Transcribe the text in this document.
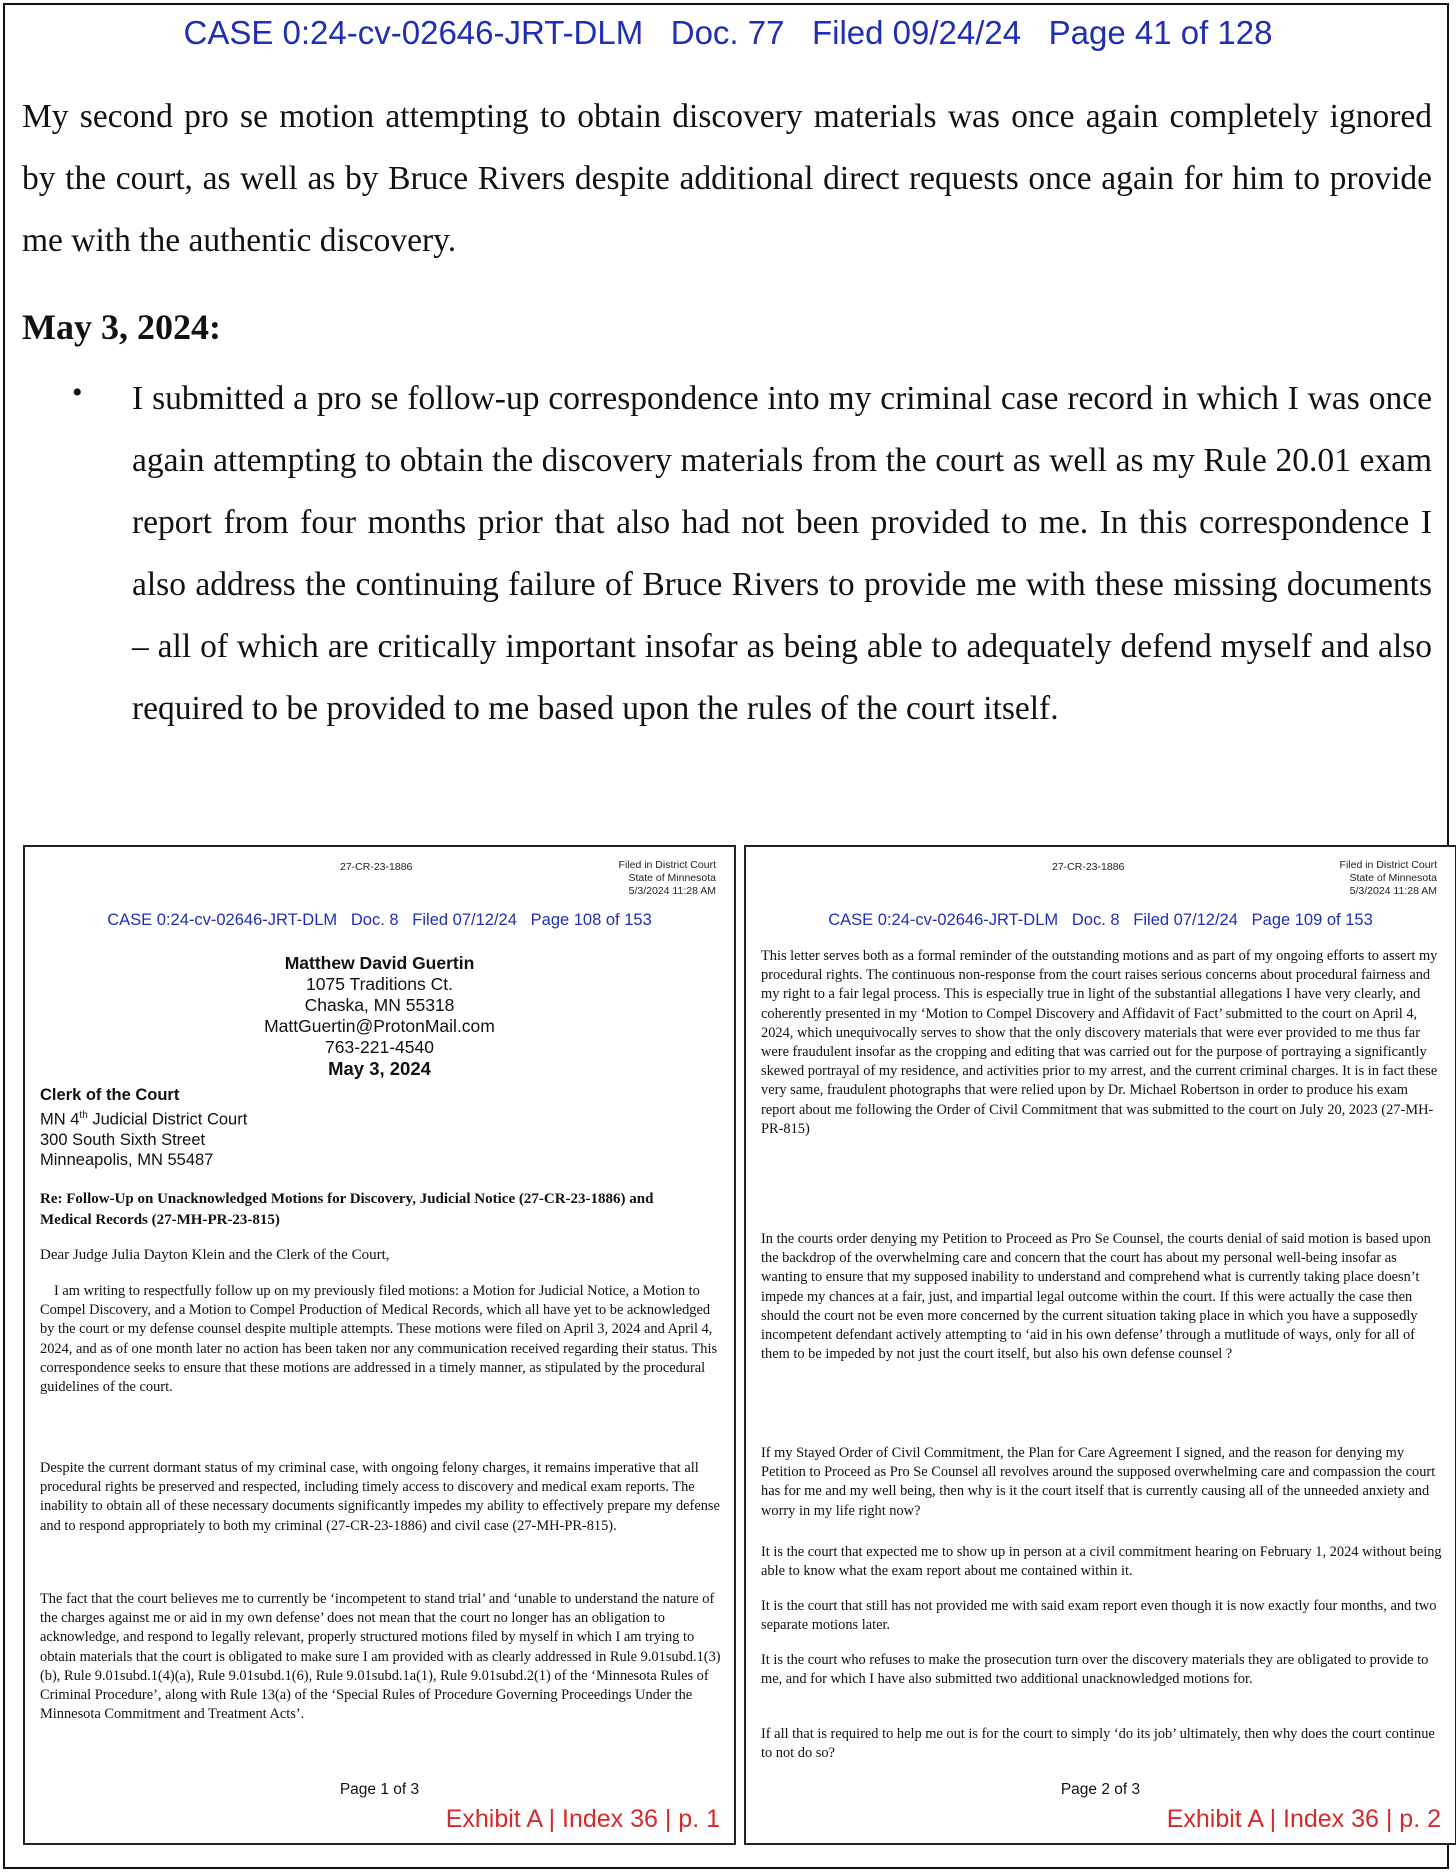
CASE 0:24-cv-02646-JRT-DLM   Doc. 77   Filed 09/24/24   Page 41 of 128
My second pro se motion attempting to obtain discovery materials was once again completely ignored by the court, as well as by Bruce Rivers despite additional direct requests once again for him to provide me with the authentic discovery.
May 3, 2024:
• I submitted a pro se follow-up correspondence into my criminal case record in which I was once again attempting to obtain the discovery materials from the court as well as my Rule 20.01 exam report from four months prior that also had not been provided to me. In this correspondence I also address the continuing failure of Bruce Rivers to provide me with these missing documents – all of which are critically important insofar as being able to adequately defend myself and also required to be provided to me based upon the rules of the court itself.
27-CR-23-1886	Filed in District Court
State of Minnesota
5/3/2024 11:28 AM
CASE 0:24-cv-02646-JRT-DLM   Doc. 8   Filed 07/12/24   Page 108 of 153
Matthew David Guertin
1075 Traditions Ct.
Chaska, MN 55318
MattGuertin@ProtonMail.com
763-221-4540
May 3, 2024
Clerk of the Court
MN 4th Judicial District Court
300 South Sixth Street
Minneapolis, MN 55487
Re: Follow-Up on Unacknowledged Motions for Discovery, Judicial Notice (27-CR-23-1886) and Medical Records (27-MH-PR-23-815)
Dear Judge Julia Dayton Klein and the Clerk of the Court,
I am writing to respectfully follow up on my previously filed motions: a Motion for Judicial Notice, a Motion to Compel Discovery, and a Motion to Compel Production of Medical Records, which all have yet to be acknowledged by the court or my defense counsel despite multiple attempts. These motions were filed on April 3, 2024 and April 4, 2024, and as of one month later no action has been taken nor any communication received regarding their status. This correspondence seeks to ensure that these motions are addressed in a timely manner, as stipulated by the procedural guidelines of the court.
Despite the current dormant status of my criminal case, with ongoing felony charges, it remains imperative that all procedural rights be preserved and respected, including timely access to discovery and medical exam reports. The inability to obtain all of these necessary documents significantly impedes my ability to effectively prepare my defense and to respond appropriately to both my criminal (27-CR-23-1886) and civil case (27-MH-PR-815).
The fact that the court believes me to currently be ‘incompetent to stand trial’ and ‘unable to understand the nature of the charges against me or aid in my own defense’ does not mean that the court no longer has an obligation to acknowledge, and respond to legally relevant, properly structured motions filed by myself in which I am trying to obtain materials that the court is obligated to make sure I am provided with as clearly addressed in Rule 9.01subd.1(3)(b), Rule 9.01subd.1(4)(a), Rule 9.01subd.1(6), Rule 9.01subd.1a(1), Rule 9.01subd.2(1) of the ‘Minnesota Rules of Criminal Procedure’, along with Rule 13(a) of the ‘Special Rules of Procedure Governing Proceedings Under the Minnesota Commitment and Treatment Acts’.
Page 1 of 3
Exhibit A | Index 36 | p. 1
27-CR-23-1886	Filed in District Court
State of Minnesota
5/3/2024 11:28 AM
CASE 0:24-cv-02646-JRT-DLM   Doc. 8   Filed 07/12/24   Page 109 of 153
This letter serves both as a formal reminder of the outstanding motions and as part of my ongoing efforts to assert my procedural rights. The continuous non-response from the court raises serious concerns about procedural fairness and my right to a fair legal process. This is especially true in light of the substantial allegations I have very clearly, and coherently presented in my ‘Motion to Compel Discovery and Affidavit of Fact’ submitted to the court on April 4, 2024, which unequivocally serves to show that the only discovery materials that were ever provided to me thus far were fraudulent insofar as the cropping and editing that was carried out for the purpose of portraying a significantly skewed portrayal of my residence, and activities prior to my arrest, and the current criminal charges. It is in fact these very same, fraudulent photographs that were relied upon by Dr. Michael Robertson in order to produce his exam report about me following the Order of Civil Commitment that was submitted to the court on July 20, 2023 (27-MH-PR-815)
In the courts order denying my Petition to Proceed as Pro Se Counsel, the courts denial of said motion is based upon the backdrop of the overwhelming care and concern that the court has about my personal well-being insofar as wanting to ensure that my supposed inability to understand and comprehend what is currently taking place doesn’t impede my chances at a fair, just, and impartial legal outcome within the court. If this were actually the case then should the court not be even more concerned by the current situation taking place in which you have a supposedly incompetent defendant actively attempting to ‘aid in his own defense’ through a mutlitude of ways, only for all of them to be impeded by not just the court itself, but also his own defense counsel ?
If my Stayed Order of Civil Commitment, the Plan for Care Agreement I signed, and the reason for denying my Petition to Proceed as Pro Se Counsel all revolves around the supposed overwhelming care and compassion the court has for me and my well being, then why is it the court itself that is currently causing all of the unneeded anxiety and worry in my life right now?
It is the court that expected me to show up in person at a civil commitment hearing on February 1, 2024 without being able to know what the exam report about me contained within it.
It is the court that still has not provided me with said exam report even though it is now exactly four months, and two separate motions later.
It is the court who refuses to make the prosecution turn over the discovery materials they are obligated to provide to me, and for which I have also submitted two additional unacknowledged motions for.
If all that is required to help me out is for the court to simply ‘do its job’ ultimately, then why does the court continue to not do so?
Page 2 of 3
Exhibit A | Index 36 | p. 2
